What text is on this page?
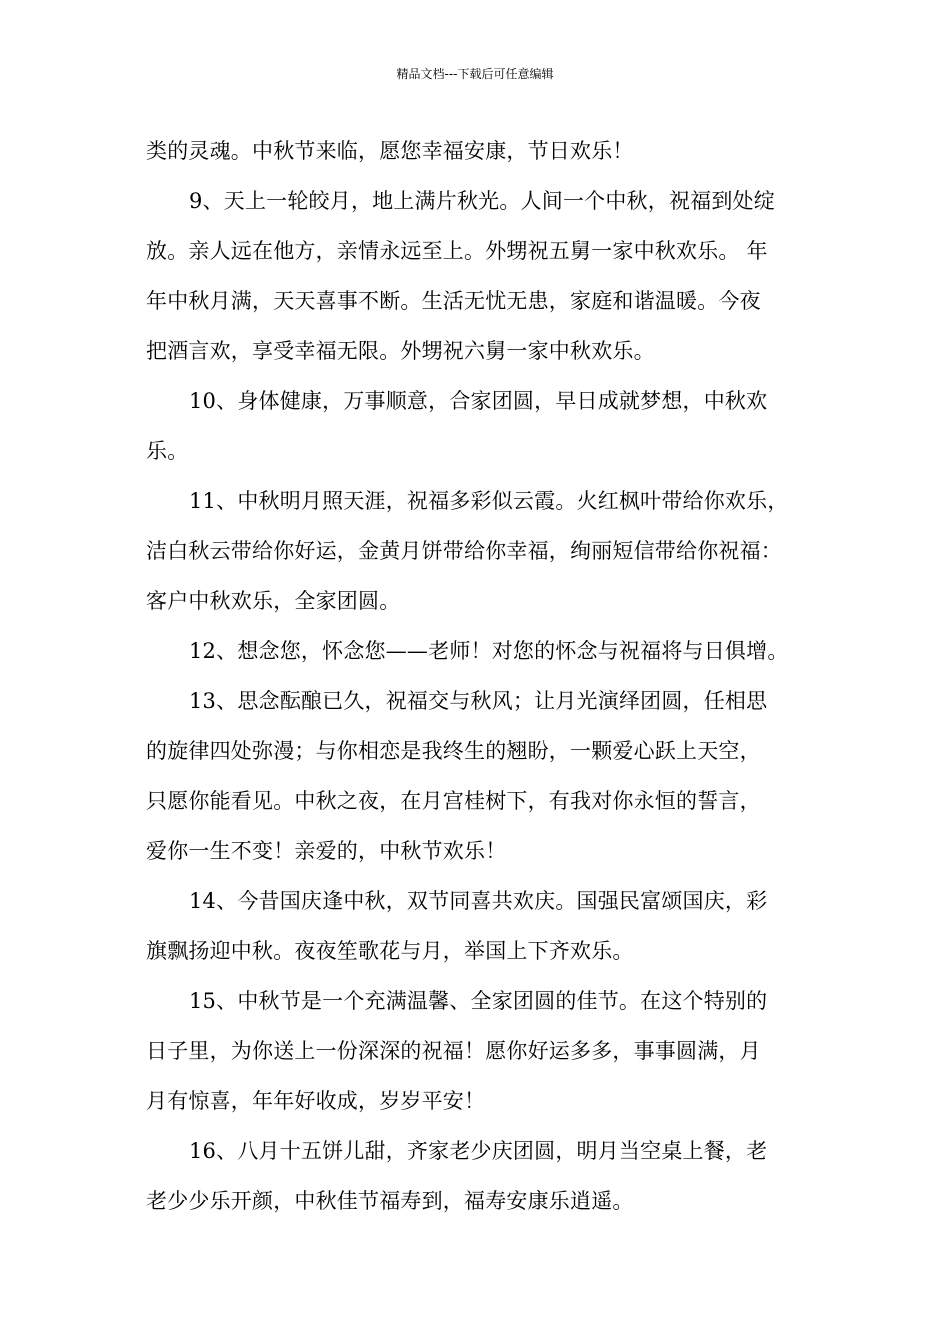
精品文档---下载后可任意编辑
类的灵魂。中秋节来临，愿您幸福安康，节日欢乐！
9、天上一轮皎月，地上满片秋光。人间一个中秋，祝福到处绽
放。亲人远在他方，亲情永远至上。外甥祝五舅一家中秋欢乐。 年
年中秋月满，天天喜事不断。生活无忧无患，家庭和谐温暖。今夜
把酒言欢，享受幸福无限。外甥祝六舅一家中秋欢乐。
10、身体健康，万事顺意，合家团圆，早日成就梦想，中秋欢
乐。
11、中秋明月照天涯，祝福多彩似云霞。火红枫叶带给你欢乐，
洁白秋云带给你好运，金黄月饼带给你幸福，绚丽短信带给你祝福：
客户中秋欢乐，全家团圆。
12、想念您，怀念您——老师！对您的怀念与祝福将与日俱增。
13、思念酝酿已久，祝福交与秋风；让月光演绎团圆，任相思
的旋律四处弥漫；与你相恋是我终生的翘盼，一颗爱心跃上天空，
只愿你能看见。中秋之夜，在月宫桂树下，有我对你永恒的誓言，
爱你一生不变！亲爱的，中秋节欢乐！
14、今昔国庆逢中秋，双节同喜共欢庆。国强民富颂国庆，彩
旗飘扬迎中秋。夜夜笙歌花与月，举国上下齐欢乐。
15、中秋节是一个充满温馨、全家团圆的佳节。在这个特别的
日子里，为你送上一份深深的祝福！愿你好运多多，事事圆满，月
月有惊喜，年年好收成，岁岁平安！
16、八月十五饼儿甜，齐家老少庆团圆，明月当空桌上餐，老
老少少乐开颜，中秋佳节福寿到，福寿安康乐逍遥。
